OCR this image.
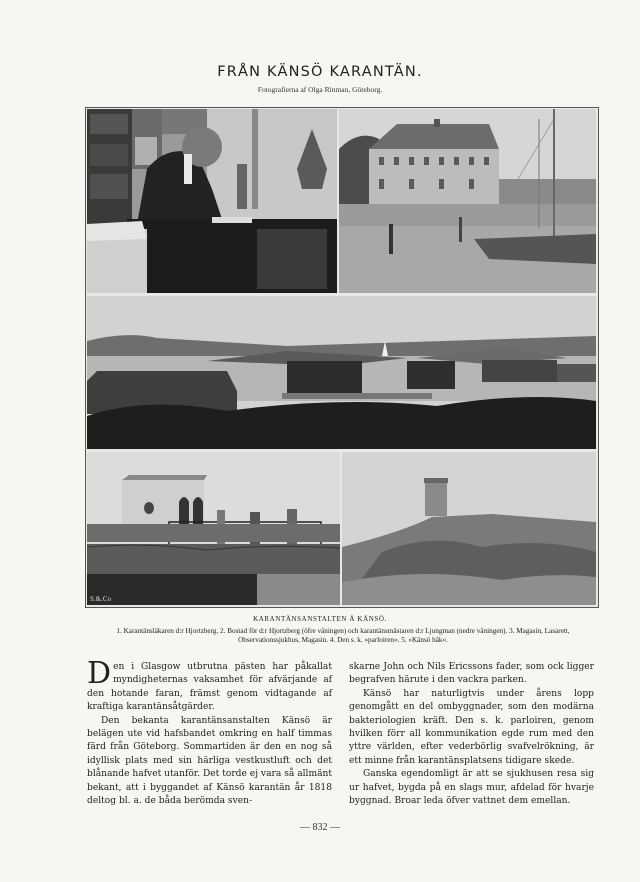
FRÅN KÄNSÖ KARANTÄN.
Fotografierna af Olga Rinman, Göteborg.
S.&.Co
KARANTÄNSANSTALTEN Å KÄNSÖ.
1. Karantänsläkaren d:r Hjortzberg. 2. Bostad för d:r Hjortzberg (öfre våningen) och karantänsmästaren d:r Ljungman (nedre våningen). 3. Magasin, Lasarett, Observationssjukhus, Magasin. 4. Den s. k. »parloiren«. 5. »Känsö båk«.

Den i Glasgow utbrutna pästen har påkallat myndigheternas vaksamhet för afvärjande af den hotande faran, främst genom vidtagande af kraftiga karantänsåtgärder.

Den bekanta karantänsanstalten Känsö är belägen ute vid hafsbandet omkring en half timmas färd från Göteborg. Sommartiden är den en nog så idyllisk plats med sin härliga vestkustluft och det blånande hafvet utanför. Det torde ej vara så allmänt bekant, att i byggandet af Känsö karantän år 1818 deltog bl. a. de båda berömda sven-

skarne John och Nils Ericssons fader, som ock ligger begrafven härute i den vackra parken.

Känsö har naturligtvis under årens lopp genomgått en del ombyggnader, som den modärna bakteriologien kräft. Den s. k. parloiren, genom hvilken förr all kommunikation egde rum med den yttre världen, efter vederbörlig svafvelrökning, är ett minne från karantänsplatsens tidigare skede.

Ganska egendomligt är att se sjukhusen resa sig ur hafvet, bygda på en slags mur, afdelad för hvarje byggnad. Broar leda öfver vattnet dem emellan.

— 832 —
